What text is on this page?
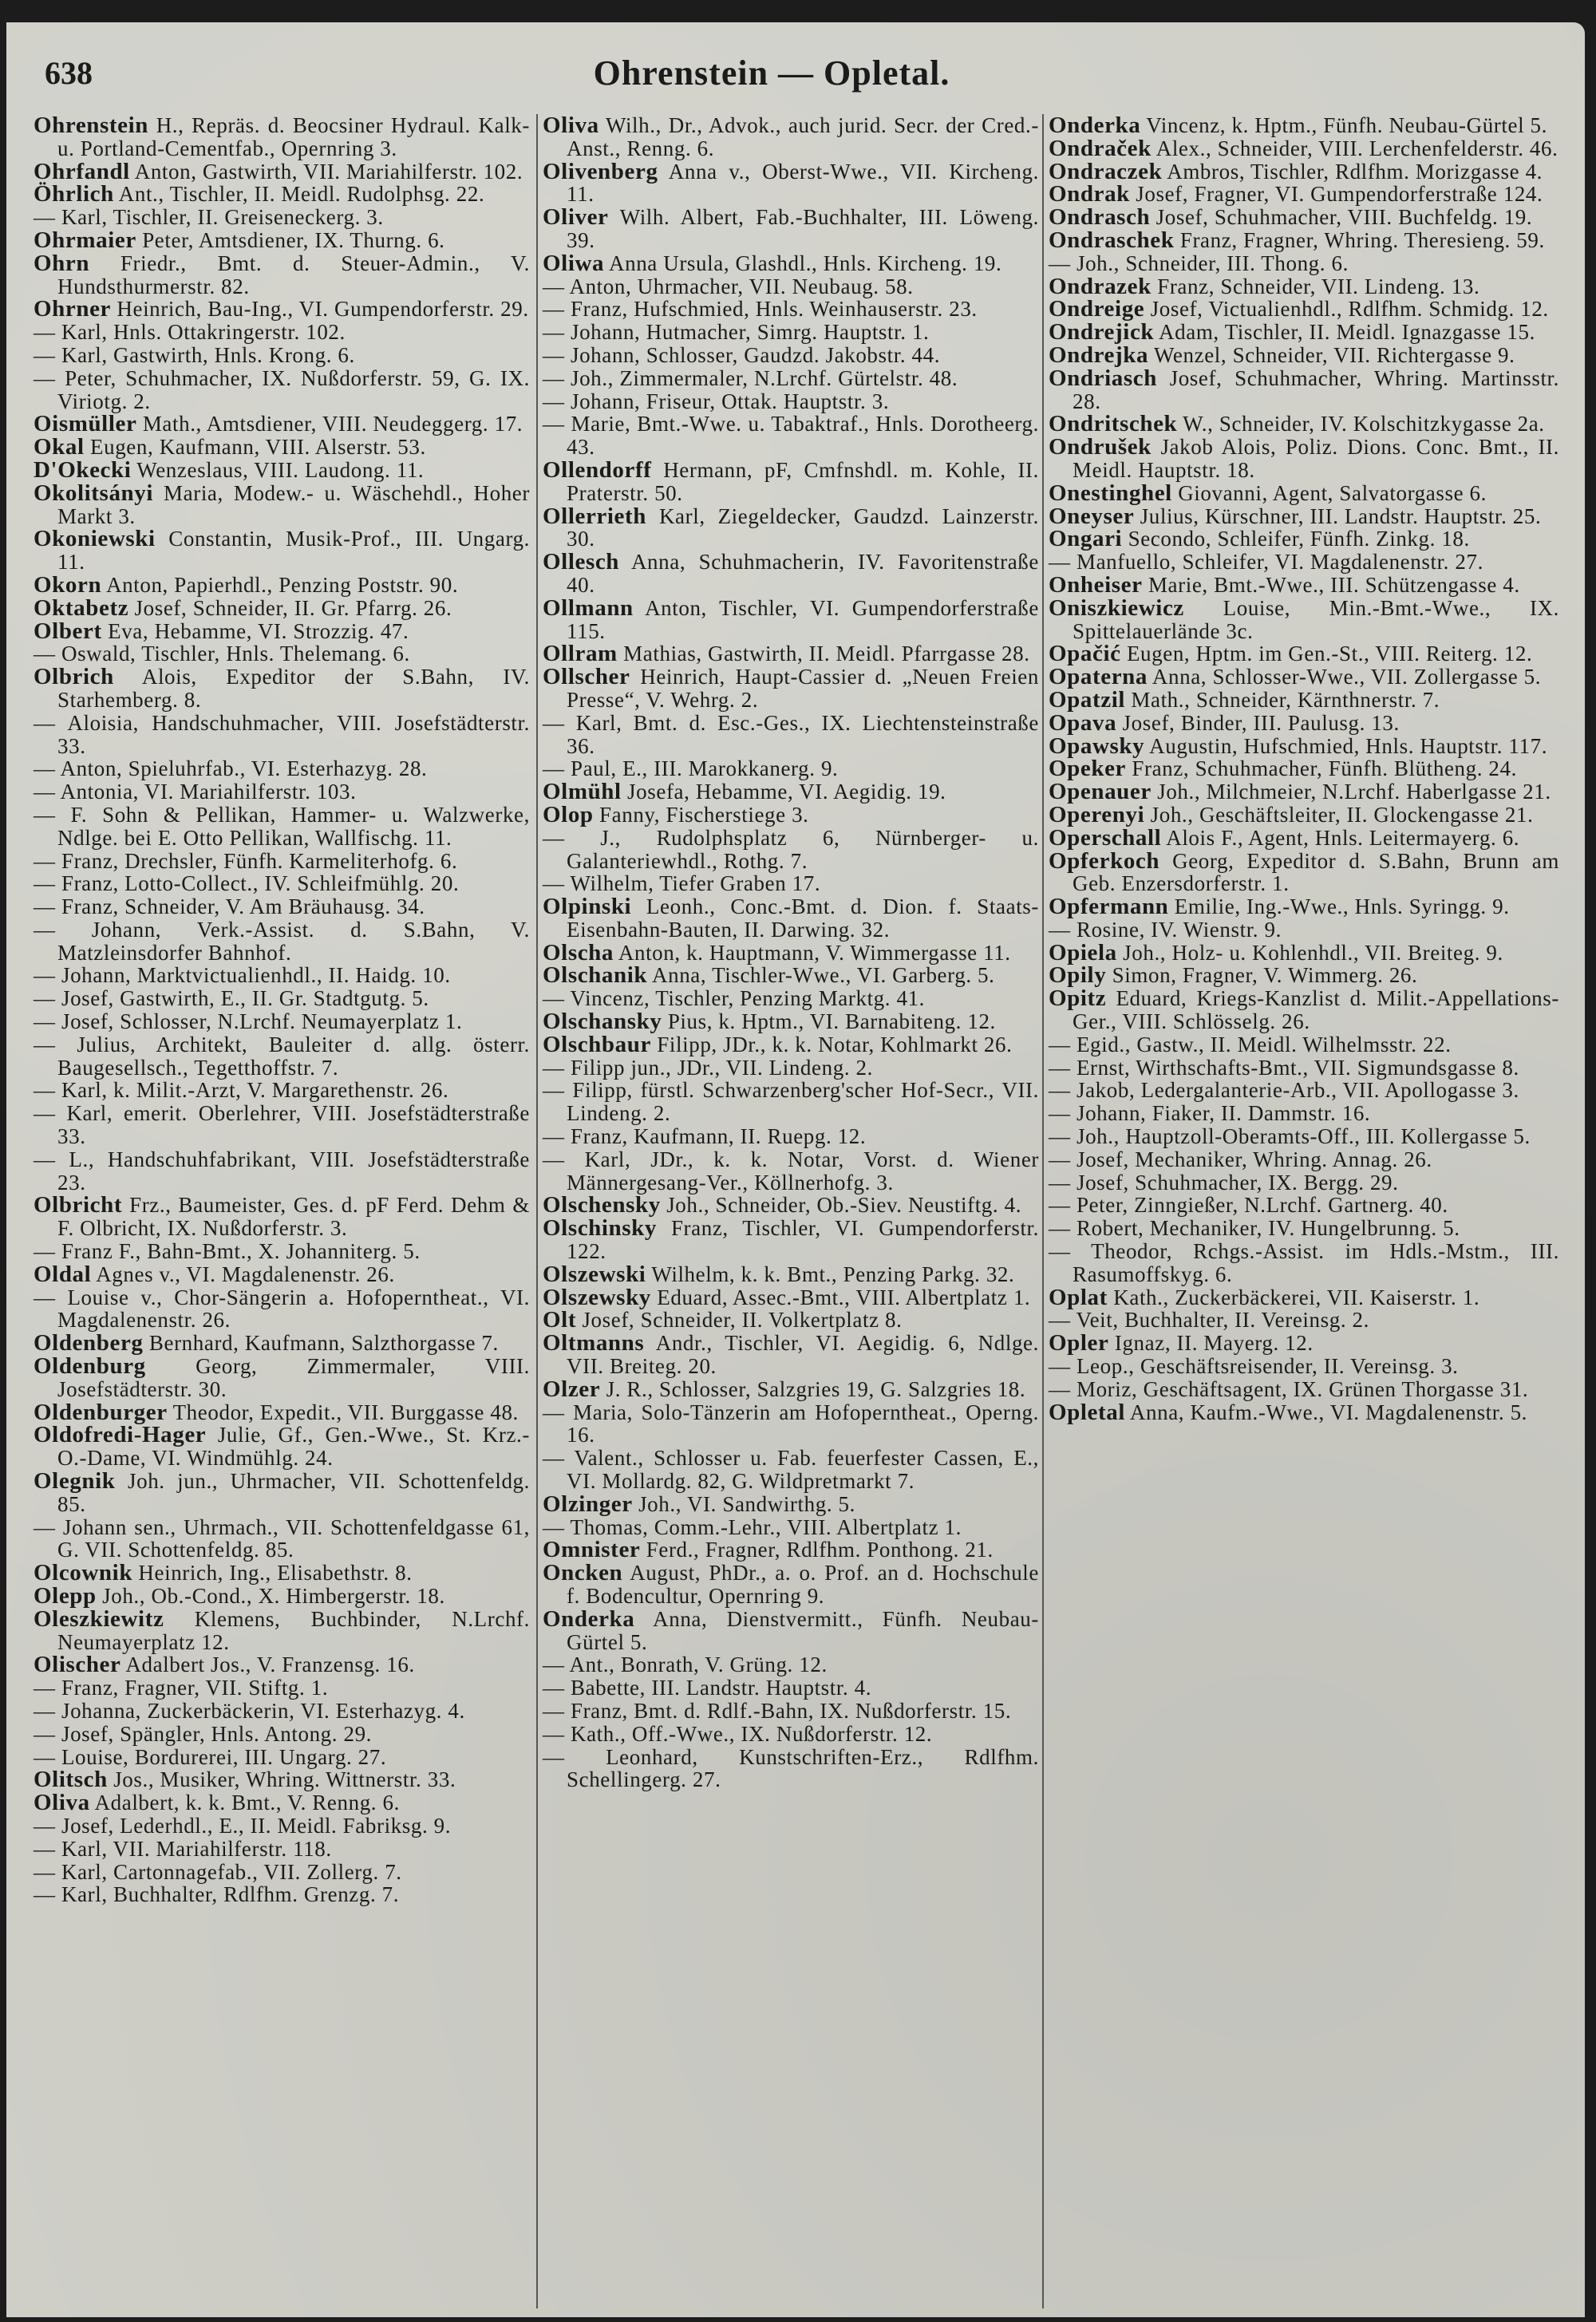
638	Ohrenstein — Opletal.
Ohrenstein H., Repräs. d. Beocsiner Hydraul. Kalk- u. Portland-Cementfab., Opernring 3.
Ohrfandl Anton, Gastwirth, VII. Mariahilferstr. 102.
Öhrlich Ant., Tischler, II. Meidl. Rudolphsg. 22.
— Karl, Tischler, II. Greiseneckerg. 3.
Ohrmaier Peter, Amtsdiener, IX. Thurng. 6.
Ohrn Friedr., Bmt. d. Steuer-Admin., V. Hundsthurmerstr. 82.
Ohrner Heinrich, Bau-Ing., VI. Gumpendorferstr. 29.
— Karl, Hnls. Ottakringerstr. 102.
— Karl, Gastwirth, Hnls. Krong. 6.
— Peter, Schuhmacher, IX. Nußdorferstr. 59, G. IX. Viriotg. 2.
Oismüller Math., Amtsdiener, VIII. Neudeggerg. 17.
Okal Eugen, Kaufmann, VIII. Alserstr. 53.
D'Okecki Wenzeslaus, VIII. Laudong. 11.
Okolitsányi Maria, Modew.- u. Wäschehdl., Hoher Markt 3.
Okoniewski Constantin, Musik-Prof., III. Ungarg. 11.
Okorn Anton, Papierhdl., Penzing Poststr. 90.
Oktabetz Josef, Schneider, II. Gr. Pfarrg. 26.
Olbert Eva, Hebamme, VI. Strozzig. 47.
— Oswald, Tischler, Hnls. Thelemang. 6.
Olbrich Alois, Expeditor der S.Bahn, IV. Starhemberg. 8.
— Aloisia, Handschuhmacher, VIII. Josefstädterstr. 33.
— Anton, Spieluhrfab., VI. Esterhazyg. 28.
— Antonia, VI. Mariahilferstr. 103.
— F. Sohn & Pellikan, Hammer- u. Walzwerke, Ndlge. bei E. Otto Pellikan, Wallfischg. 11.
— Franz, Drechsler, Fünfh. Karmeliterhofg. 6.
— Franz, Lotto-Collect., IV. Schleifmühlg. 20.
— Franz, Schneider, V. Am Bräuhausg. 34.
— Johann, Verk.-Assist. d. S.Bahn, V. Matzleinsdorfer Bahnhof.
— Johann, Marktvictualienhdl., II. Haidg. 10.
— Josef, Gastwirth, E., II. Gr. Stadtgutg. 5.
— Josef, Schlosser, N.Lrchf. Neumayerplatz 1.
— Julius, Architekt, Bauleiter d. allg. österr. Baugesellsch., Tegetthoffstr. 7.
— Karl, k. Milit.-Arzt, V. Margarethenstr. 26.
— Karl, emerit. Oberlehrer, VIII. Josefstädterstraße 33.
— L., Handschuhfabrikant, VIII. Josefstädterstraße 23.
Olbricht Frz., Baumeister, Ges. d. pF Ferd. Dehm & F. Olbricht, IX. Nußdorferstr. 3.
— Franz F., Bahn-Bmt., X. Johanniterg. 5.
Oldal Agnes v., VI. Magdalenenstr. 26.
— Louise v., Chor-Sängerin a. Hofoperntheat., VI. Magdalenenstr. 26.
Oldenberg Bernhard, Kaufmann, Salzthorgasse 7.
Oldenburg Georg, Zimmermaler, VIII. Josefstädterstr. 30.
Oldenburger Theodor, Expedit., VII. Burggasse 48.
Oldofredi-Hager Julie, Gf., Gen.-Wwe., St. Krz.-O.-Dame, VI. Windmühlg. 24.
Olegnik Joh. jun., Uhrmacher, VII. Schottenfeldg. 85.
— Johann sen., Uhrmach., VII. Schottenfeldgasse 61, G. VII. Schottenfeldg. 85.
Olcownik Heinrich, Ing., Elisabethstr. 8.
Olepp Joh., Ob.-Cond., X. Himbergerstr. 18.
Oleszkiewitz Klemens, Buchbinder, N.Lrchf. Neumayerplatz 12.
Olischer Adalbert Jos., V. Franzensg. 16.
— Franz, Fragner, VII. Stiftg. 1.
— Johanna, Zuckerbäckerin, VI. Esterhazyg. 4.
— Josef, Spängler, Hnls. Antong. 29.
— Louise, Bordurerei, III. Ungarg. 27.
Olitsch Jos., Musiker, Whring. Wittnerstr. 33.
Oliva Adalbert, k. k. Bmt., V. Renng. 6.
— Josef, Lederhdl., E., II. Meidl. Fabriksg. 9.
— Karl, VII. Mariahilferstr. 118.
— Karl, Cartonnagefab., VII. Zollerg. 7.
— Karl, Buchhalter, Rdlfhm. Grenzg. 7.
Oliva Wilh., Dr., Advok., auch jurid. Secr. der Cred.-Anst., Renng. 6.
Olivenberg Anna v., Oberst-Wwe., VII. Kircheng. 11.
Oliver Wilh. Albert, Fab.-Buchhalter, III. Löweng. 39.
Oliwa Anna Ursula, Glashdl., Hnls. Kircheng. 19.
— Anton, Uhrmacher, VII. Neubaug. 58.
— Franz, Hufschmied, Hnls. Weinhauserstr. 23.
— Johann, Hutmacher, Simrg. Hauptstr. 1.
— Johann, Schlosser, Gaudzd. Jakobstr. 44.
— Joh., Zimmermaler, N.Lrchf. Gürtelstr. 48.
— Johann, Friseur, Ottak. Hauptstr. 3.
— Marie, Bmt.-Wwe. u. Tabaktraf., Hnls. Dorotheerg. 43.
Ollendorff Hermann, pF, Cmfnshdl. m. Kohle, II. Praterstr. 50.
Ollerrieth Karl, Ziegeldecker, Gaudzd. Lainzerstr. 30.
Ollesch Anna, Schuhmacherin, IV. Favoritenstraße 40.
Ollmann Anton, Tischler, VI. Gumpendorferstraße 115.
Ollram Mathias, Gastwirth, II. Meidl. Pfarrgasse 28.
Ollscher Heinrich, Haupt-Cassier d. „Neuen Freien Presse“, V. Wehrg. 2.
— Karl, Bmt. d. Esc.-Ges., IX. Liechtensteinstraße 36.
— Paul, E., III. Marokkanerg. 9.
Olmühl Josefa, Hebamme, VI. Aegidig. 19.
Olop Fanny, Fischerstiege 3.
— J., Rudolphsplatz 6, Nürnberger- u. Galanteriewhdl., Rothg. 7.
— Wilhelm, Tiefer Graben 17.
Olpinski Leonh., Conc.-Bmt. d. Dion. f. Staats-Eisenbahn-Bauten, II. Darwing. 32.
Olscha Anton, k. Hauptmann, V. Wimmergasse 11.
Olschanik Anna, Tischler-Wwe., VI. Garberg. 5.
— Vincenz, Tischler, Penzing Marktg. 41.
Olschansky Pius, k. Hptm., VI. Barnabiteng. 12.
Olschbaur Filipp, JDr., k. k. Notar, Kohlmarkt 26.
— Filipp jun., JDr., VII. Lindeng. 2.
— Filipp, fürstl. Schwarzenberg'scher Hof-Secr., VII. Lindeng. 2.
— Franz, Kaufmann, II. Ruepg. 12.
— Karl, JDr., k. k. Notar, Vorst. d. Wiener Männergesang-Ver., Köllnerhofg. 3.
Olschensky Joh., Schneider, Ob.-Siev. Neustiftg. 4.
Olschinsky Franz, Tischler, VI. Gumpendorferstr. 122.
Olszewski Wilhelm, k. k. Bmt., Penzing Parkg. 32.
Olszewsky Eduard, Assec.-Bmt., VIII. Albertplatz 1.
Olt Josef, Schneider, II. Volkertplatz 8.
Oltmanns Andr., Tischler, VI. Aegidig. 6, Ndlge. VII. Breiteg. 20.
Olzer J. R., Schlosser, Salzgries 19, G. Salzgries 18.
— Maria, Solo-Tänzerin am Hofoperntheat., Operng. 16.
— Valent., Schlosser u. Fab. feuerfester Cassen, E., VI. Mollardg. 82, G. Wildpretmarkt 7.
Olzinger Joh., VI. Sandwirthg. 5.
— Thomas, Comm.-Lehr., VIII. Albertplatz 1.
Omnister Ferd., Fragner, Rdlfhm. Ponthong. 21.
Oncken August, PhDr., a. o. Prof. an d. Hochschule f. Bodencultur, Opernring 9.
Onderka Anna, Dienstvermitt., Fünfh. Neubau-Gürtel 5.
— Ant., Bonrath, V. Grüng. 12.
— Babette, III. Landstr. Hauptstr. 4.
— Franz, Bmt. d. Rdlf.-Bahn, IX. Nußdorferstr. 15.
— Kath., Off.-Wwe., IX. Nußdorferstr. 12.
— Leonhard, Kunstschriften-Erz., Rdlfhm. Schellingerg. 27.
Onderka Vincenz, k. Hptm., Fünfh. Neubau-Gürtel 5.
Ondraček Alex., Schneider, VIII. Lerchenfelderstr. 46.
Ondraczek Ambros, Tischler, Rdlfhm. Morizgasse 4.
Ondrak Josef, Fragner, VI. Gumpendorferstraße 124.
Ondrasch Josef, Schuhmacher, VIII. Buchfeldg. 19.
Ondraschek Franz, Fragner, Whring. Theresieng. 59.
— Joh., Schneider, III. Thong. 6.
Ondrazek Franz, Schneider, VII. Lindeng. 13.
Ondreige Josef, Victualienhdl., Rdlfhm. Schmidg. 12.
Ondrejick Adam, Tischler, II. Meidl. Ignazgasse 15.
Ondrejka Wenzel, Schneider, VII. Richtergasse 9.
Ondriasch Josef, Schuhmacher, Whring. Martinsstr. 28.
Ondritschek W., Schneider, IV. Kolschitzkygasse 2a.
Ondrušek Jakob Alois, Poliz. Dions. Conc. Bmt., II. Meidl. Hauptstr. 18.
Onestinghel Giovanni, Agent, Salvatorgasse 6.
Oneyser Julius, Kürschner, III. Landstr. Hauptstr. 25.
Ongari Secondo, Schleifer, Fünfh. Zinkg. 18.
— Manfuello, Schleifer, VI. Magdalenenstr. 27.
Onheiser Marie, Bmt.-Wwe., III. Schützengasse 4.
Oniszkiewicz Louise, Min.-Bmt.-Wwe., IX. Spittelauerlände 3c.
Opačić Eugen, Hptm. im Gen.-St., VIII. Reiterg. 12.
Opaterna Anna, Schlosser-Wwe., VII. Zollergasse 5.
Opatzil Math., Schneider, Kärnthnerstr. 7.
Opava Josef, Binder, III. Paulusg. 13.
Opawsky Augustin, Hufschmied, Hnls. Hauptstr. 117.
Opeker Franz, Schuhmacher, Fünfh. Blütheng. 24.
Openauer Joh., Milchmeier, N.Lrchf. Haberlgasse 21.
Operenyi Joh., Geschäftsleiter, II. Glockengasse 21.
Operschall Alois F., Agent, Hnls. Leitermayerg. 6.
Opferkoch Georg, Expeditor d. S.Bahn, Brunn am Geb. Enzersdorferstr. 1.
Opfermann Emilie, Ing.-Wwe., Hnls. Syringg. 9.
— Rosine, IV. Wienstr. 9.
Opiela Joh., Holz- u. Kohlenhdl., VII. Breiteg. 9.
Opily Simon, Fragner, V. Wimmerg. 26.
Opitz Eduard, Kriegs-Kanzlist d. Milit.-Appellations-Ger., VIII. Schlösselg. 26.
— Egid., Gastw., II. Meidl. Wilhelmsstr. 22.
— Ernst, Wirthschafts-Bmt., VII. Sigmundsgasse 8.
— Jakob, Ledergalanterie-Arb., VII. Apollogasse 3.
— Johann, Fiaker, II. Dammstr. 16.
— Joh., Hauptzoll-Oberamts-Off., III. Kollergasse 5.
— Josef, Mechaniker, Whring. Annag. 26.
— Josef, Schuhmacher, IX. Bergg. 29.
— Peter, Zinngießer, N.Lrchf. Gartnerg. 40.
— Robert, Mechaniker, IV. Hungelbrunng. 5.
— Theodor, Rchgs.-Assist. im Hdls.-Mstm., III. Rasumoffskyg. 6.
Oplat Kath., Zuckerbäckerei, VII. Kaiserstr. 1.
— Veit, Buchhalter, II. Vereinsg. 2.
Opler Ignaz, II. Mayerg. 12.
— Leop., Geschäftsreisender, II. Vereinsg. 3.
— Moriz, Geschäftsagent, IX. Grünen Thorgasse 31.
Opletal Anna, Kaufm.-Wwe., VI. Magdalenenstr. 5.
